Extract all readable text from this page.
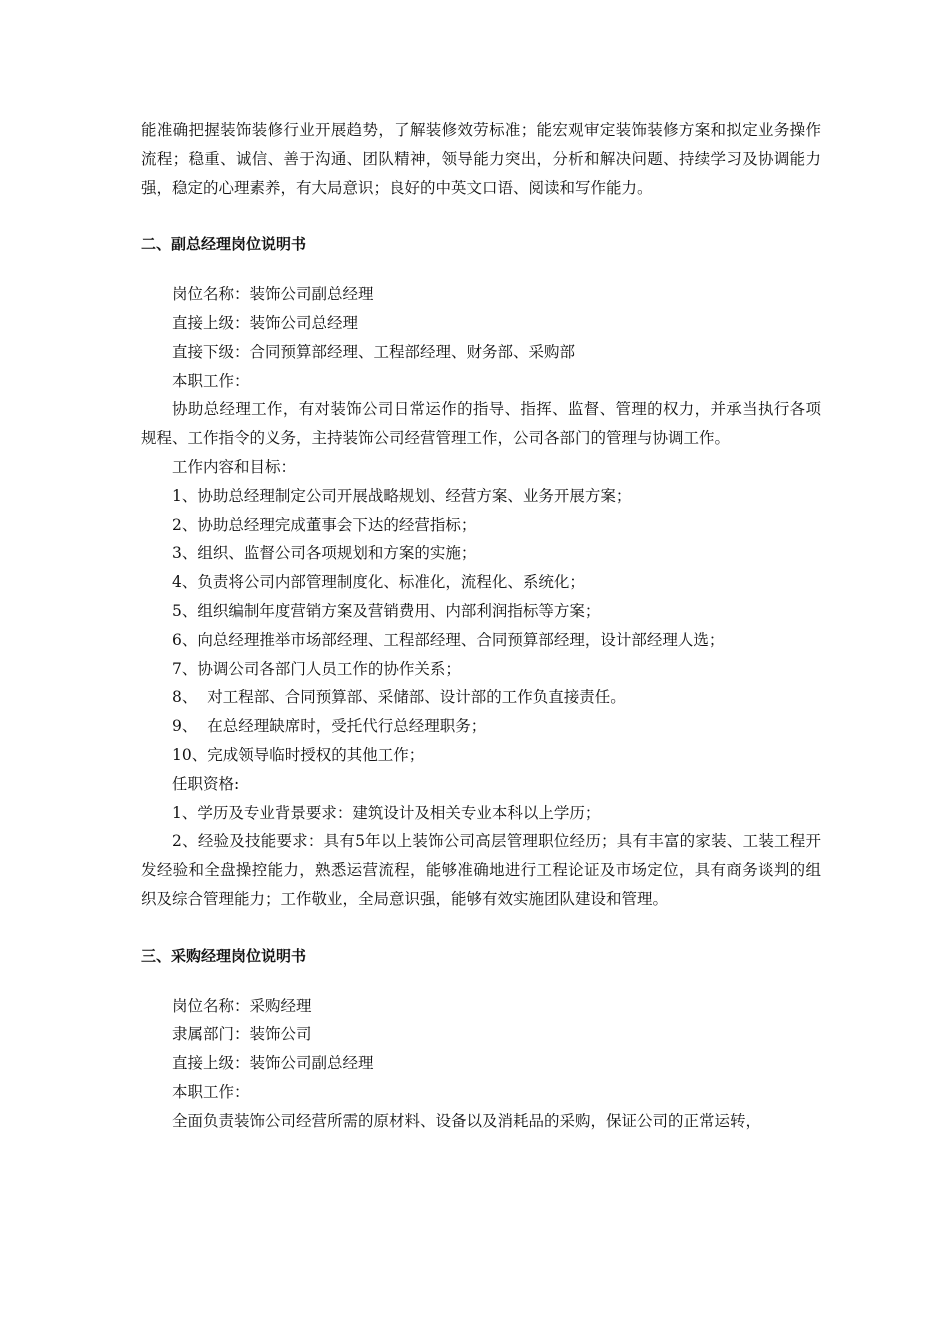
能准确把握装饰装修行业开展趋势，了解装修效劳标准；能宏观审定装饰装修方案和拟定业务操作流程；稳重、诚信、善于沟通、团队精神，领导能力突出，分析和解决问题、持续学习及协调能力强，稳定的心理素养，有大局意识；良好的中英文口语、阅读和写作能力。

二、副总经理岗位说明书

岗位名称：装饰公司副总经理

直接上级：装饰公司总经理

直接下级：合同预算部经理、工程部经理、财务部、采购部

本职工作：

协助总经理工作，有对装饰公司日常运作的指导、指挥、监督、管理的权力，并承当执行各项规程、工作指令的义务，主持装饰公司经营管理工作，公司各部门的管理与协调工作。

工作内容和目标：

1、协助总经理制定公司开展战略规划、经营方案、业务开展方案；

2、协助总经理完成董事会下达的经营指标；

3、组织、监督公司各项规划和方案的实施；

4、负责将公司内部管理制度化、标准化，流程化、系统化；

5、组织编制年度营销方案及营销费用、内部利润指标等方案；

6、向总经理推举市场部经理、工程部经理、合同预算部经理，设计部经理人选；

7、协调公司各部门人员工作的协作关系；

8、  对工程部、合同预算部、采储部、设计部的工作负直接责任。

9、  在总经理缺席时，受托代行总经理职务；

10、完成领导临时授权的其他工作；

任职资格:

1、学历及专业背景要求：建筑设计及相关专业本科以上学历；

2、经验及技能要求：具有5年以上装饰公司高层管理职位经历；具有丰富的家装、工装工程开发经验和全盘操控能力，熟悉运营流程，能够准确地进行工程论证及市场定位，具有商务谈判的组织及综合管理能力；工作敬业，全局意识强，能够有效实施团队建设和管理。

三、采购经理岗位说明书

岗位名称：采购经理

隶属部门：装饰公司

直接上级：装饰公司副总经理

本职工作：

全面负责装饰公司经营所需的原材料、设备以及消耗品的采购，保证公司的正常运转，
